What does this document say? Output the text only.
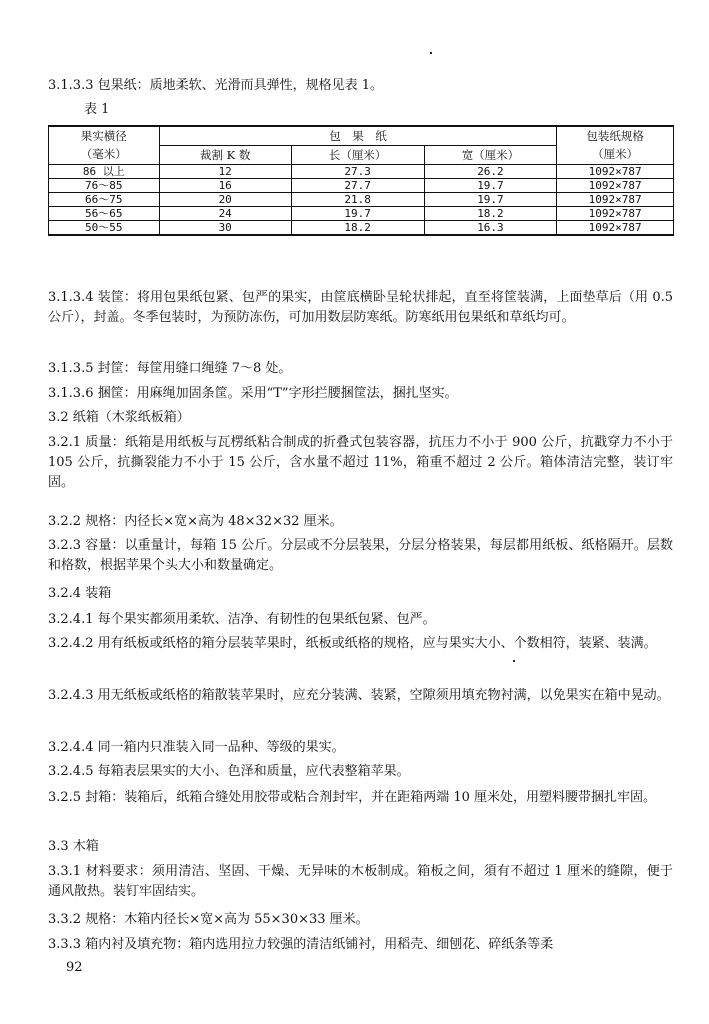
3.1.3.3 包果纸：质地柔软、光滑而具弹性，规格见表 1。
表 1
果实横径	包　果　纸			包装纸规格
（毫米）	裁割 K 数	长（厘米）	宽（厘米）	（厘米）
86 以上	12	27.3	26.2	1092×787
76～85	16	27.7	19.7	1092×787
66～75	20	21.8	19.7	1092×787
56～65	24	19.7	18.2	1092×787
50～55	30	18.2	16.3	1092×787
3.1.3.4 装筐：将用包果纸包紧、包严的果实，由筐底横卧呈轮状排起，直至将筐装满，上面垫草后（用 0.5 公斤），封盖。冬季包装时，为预防冻伤，可加用数层防寒纸。防寒纸用包果纸和草纸均可。
3.1.3.5 封筐：每筐用缝口绳缝 7～8 处。
3.1.3.6 捆筐：用麻绳加固条筐。采用“T”字形拦腰捆筐法，捆扎坚实。
3.2 纸箱（木浆纸板箱）
3.2.1 质量：纸箱是用纸板与瓦楞纸粘合制成的折叠式包装容器，抗压力不小于 900 公斤，抗戳穿力不小于 105 公斤，抗撕裂能力不小于 15 公斤，含水量不超过 11%，箱重不超过 2 公斤。箱体清洁完整，装订牢固。
3.2.2 规格：内径长×宽×高为 48×32×32 厘米。
3.2.3 容量：以重量计，每箱 15 公斤。分层或不分层装果，分层分格装果，每层都用纸板、纸格隔开。层数和格数，根据苹果个头大小和数量确定。
3.2.4 装箱
3.2.4.1 每个果实都须用柔软、洁净、有韧性的包果纸包紧、包严。
3.2.4.2 用有纸板或纸格的箱分层装苹果时，纸板或纸格的规格，应与果实大小、个数相符，装紧、装满。
3.2.4.3 用无纸板或纸格的箱散装苹果时，应充分装满、装紧，空隙须用填充物衬满，以免果实在箱中晃动。
3.2.4.4 同一箱内只准装入同一品种、等级的果实。
3.2.4.5 每箱表层果实的大小、色泽和质量，应代表整箱苹果。
3.2.5 封箱：装箱后，纸箱合缝处用胶带或粘合剂封牢，并在距箱两端 10 厘米处，用塑料腰带捆扎牢固。
3.3 木箱
3.3.1 材料要求：须用清洁、坚固、干燥、无异味的木板制成。箱板之间，須有不超过 1 厘米的缝隙，便于通风散热。装钉牢固结实。
3.3.2 规格：木箱内径长×宽×高为 55×30×33 厘米。
3.3.3 箱内衬及填充物：箱内选用拉力较强的清洁纸铺衬，用稻壳、细刨花、碎纸条等柔
92
